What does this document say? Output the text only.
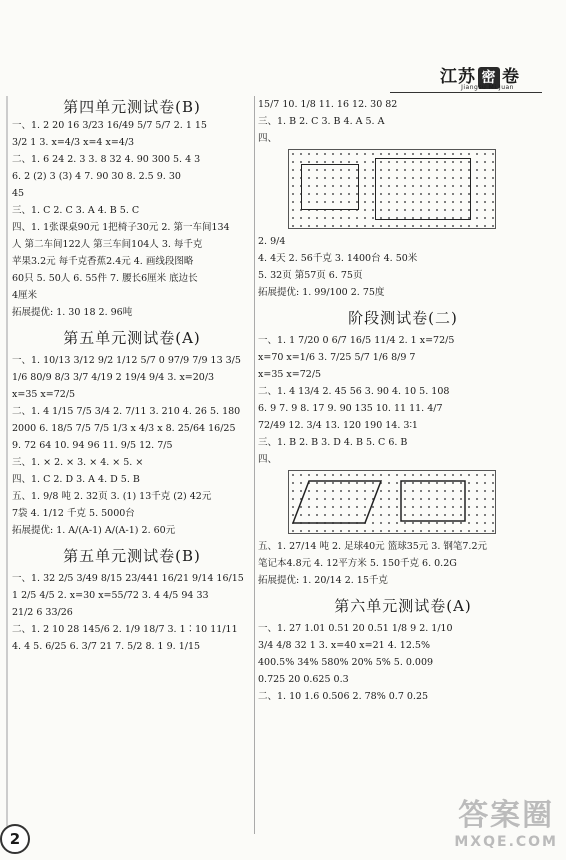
江苏 密 卷
Jiangsu Mi Juan
第四单元测试卷(B)

一、1. 2 20 16 3/23 16/49 5/7 5/7 2. 1 15

3/2 1 3. x=4/3 x=4 x=4/3

二、1. 6 24 2. 3 3. 8 32 4. 90 300 5. 4 3

6. 2 (2) 3 (3) 4 7. 90 30 8. 2.5 9. 30

45

三、1. C 2. C 3. A 4. B 5. C

四、1. 1张课桌90元 1把椅子30元 2. 第一车间134

人 第二车间122人 第三车间104人 3. 每千克

苹果3.2元 每千克香蕉2.4元 4. 画线段图略

60只 5. 50人 6. 55件 7. 腰长6厘米 底边长

4厘米

拓展提优: 1. 30 18 2. 96吨

第五单元测试卷(A)

一、1. 10/13 3/12 9/2 1/12 5/7 0 97/9 7/9 13 3/5

1/6 80/9 8/3 3/7 4/19 2 19/4 9/4 3. x=20/3

x=35 x=72/5

二、1. 4 1/15 7/5 3/4 2. 7/11 3. 210 4. 26 5. 180

2000 6. 18/5 7/5 7/5 1/3 x 4/3 x 8. 25/64 16/25

9. 72 64 10. 94 96 11. 9/5 12. 7/5

三、1. × 2. × 3. × 4. × 5. ×

四、1. C 2. D 3. A 4. D 5. B

五、1. 9/8 吨 2. 32页 3. (1) 13千克 (2) 42元

7袋 4. 1/12 千克 5. 5000台

拓展提优: 1. A/(A-1) A/(A-1) 2. 60元

第五单元测试卷(B)

一、1. 32 2/5 3/49 8/15 23/441 16/21 9/14 16/15

1 2/5 4/5 2. x=30 x=55/72 3. 4 4/5 94 33

21/2 6 33/26

二、1. 2 10 28 145/6 2. 1/9 18/7 3. 1∶10 11/11

4. 4 5. 6/25 6. 3/7 21 7. 5/2 8. 1 9. 1/15

15/7 10. 1/8 11. 16 12. 30 82

三、1. B 2. C 3. B 4. A 5. A

四、

2. 9/4

4. 4天 2. 56千克 3. 1400台 4. 50米

5. 32页 第57页 6. 75页

拓展提优: 1. 99/100 2. 75度

阶段测试卷(二)

一、1. 1 7/20 0 6/7 16/5 11/4 2. 1 x=72/5

x=70 x=1/6 3. 7/25 5/7 1/6 8/9 7

x=35 x=72/5

二、1. 4 13/4 2. 45 56 3. 90 4. 10 5. 108

6. 9 7. 9 8. 17 9. 90 135 10. 11 11. 4/7

72/49 12. 3/4 13. 120 190 14. 3∶1

三、1. B 2. B 3. D 4. B 5. C 6. B

四、

五、1. 27/14 吨 2. 足球40元 篮球35元 3. 钢笔7.2元

笔记本4.8元 4. 12平方米 5. 150千克 6. 0.2G

拓展提优: 1. 20/14 2. 15千克

第六单元测试卷(A)

一、1. 27 1.01 0.51 20 0.51 1/8 9 2. 1/10

3/4 4/8 32 1 3. x=40 x=21 4. 12.5%

400.5% 34% 580% 20% 5% 5. 0.009

0.725 20 0.625 0.3

二、1. 10 1.6 0.506 2. 78% 0.7 0.25

2
答案圈
MXQE.COM
